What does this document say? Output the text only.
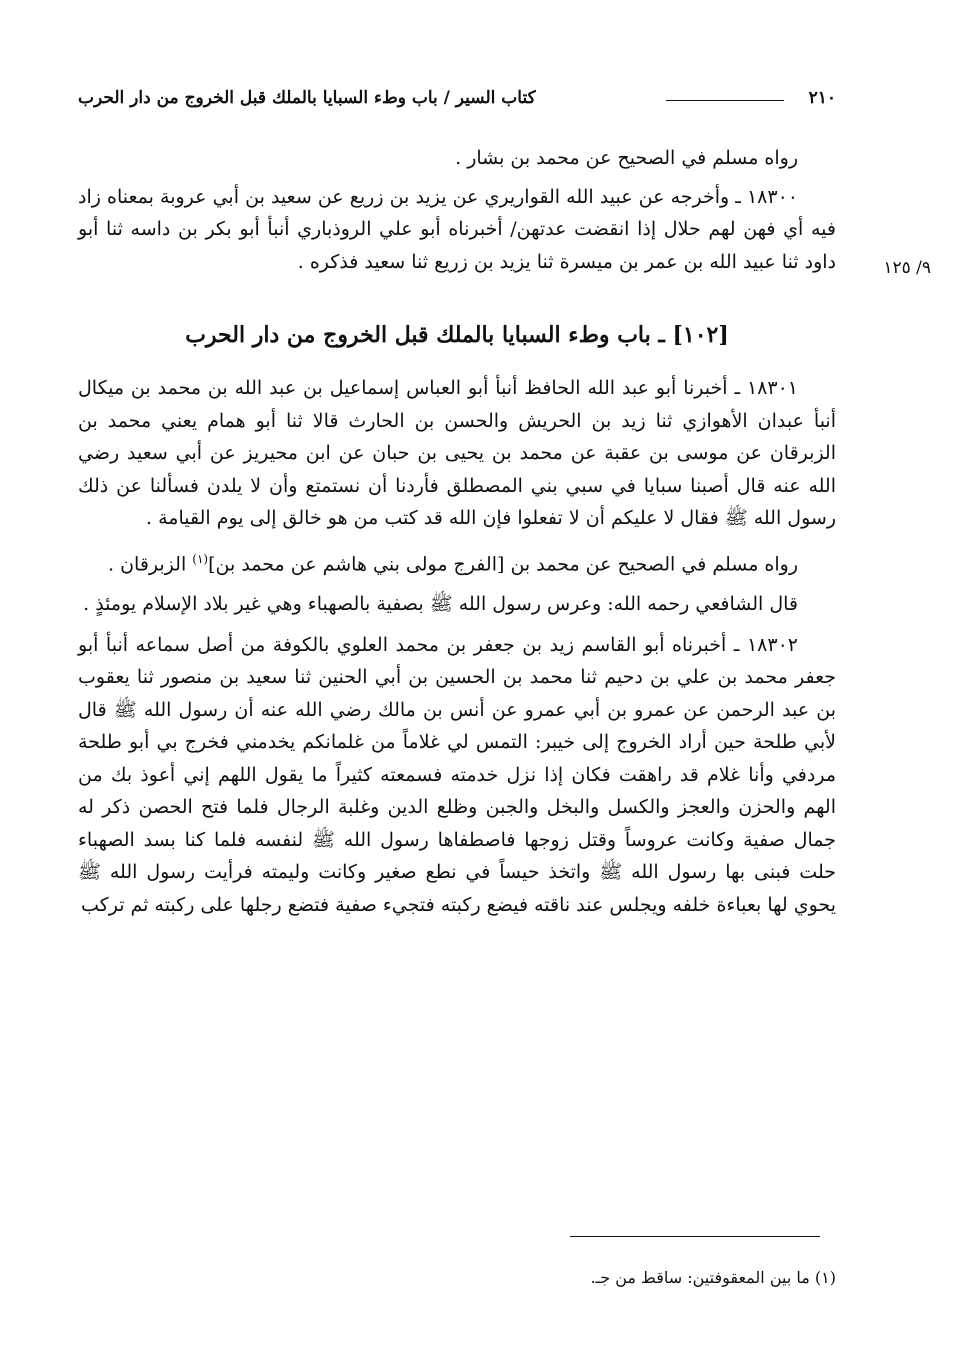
٢١٠
كتاب السير / باب وطء السبايا بالملك قبل الخروج من دار الحرب
٩/ ١٢٥

رواه مسلم في الصحيح عن محمد بن بشار .

١٨٣٠٠ ـ وأخرجه عن عبيد الله القواريري عن يزيد بن زريع عن سعيد بن أبي عروبة بمعناه زاد فيه أي فهن لهم حلال إذا انقضت عدتهن/ أخبرناه أبو علي الروذباري أنبأ أبو بكر بن داسه ثنا أبو داود ثنا عبيد الله بن عمر بن ميسرة ثنا يزيد بن زريع ثنا سعيد فذكره .

[١٠٢] ـ باب وطء السبايا بالملك قبل الخروج من دار الحرب

١٨٣٠١ ـ أخبرنا أبو عبد الله الحافظ أنبأ أبو العباس إسماعيل بن عبد الله بن محمد بن ميكال أنبأ عبدان الأهوازي ثنا زيد بن الحريش والحسن بن الحارث قالا ثنا أبو همام يعني محمد بن الزبرقان عن موسى بن عقبة عن محمد بن يحيى بن حبان عن ابن محيريز عن أبي سعيد رضي الله عنه قال أصبنا سبايا في سبي بني المصطلق فأردنا أن نستمتع وأن لا يلدن فسألنا عن ذلك رسول الله ﷺ فقال لا عليكم أن لا تفعلوا فإن الله قد كتب من هو خالق إلى يوم القيامة .

رواه مسلم في الصحيح عن محمد بن [الفرج مولى بني هاشم عن محمد بن]$^{(١)}$ الزبرقان .

قال الشافعي رحمه الله: وعرس رسول الله ﷺ بصفية بالصهباء وهي غير بلاد الإسلام يومئذٍ .

١٨٣٠٢ ـ أخبرناه أبو القاسم زيد بن جعفر بن محمد العلوي بالكوفة من أصل سماعه أنبأ أبو جعفر محمد بن علي بن دحيم ثنا محمد بن الحسين بن أبي الحنين ثنا سعيد بن منصور ثنا يعقوب بن عبد الرحمن عن عمرو بن أبي عمرو عن أنس بن مالك رضي الله عنه أن رسول الله ﷺ قال لأبي طلحة حين أراد الخروج إلى خيبر: التمس لي غلاماً من غلمانكم يخدمني فخرج بي أبو طلحة مردفي وأنا غلام قد راهقت فكان إذا نزل خدمته فسمعته كثيراً ما يقول اللهم إني أعوذ بك من الهم والحزن والعجز والكسل والبخل والجبن وظلع الدين وغلبة الرجال فلما فتح الحصن ذكر له جمال صفية وكانت عروساً وقتل زوجها فاصطفاها رسول الله ﷺ لنفسه فلما كنا بسد الصهباء حلت فبنى بها رسول الله ﷺ واتخذ حيساً في نطع صغير وكانت وليمته فرأيت رسول الله ﷺ يحوي لها بعباءة خلفه ويجلس عند ناقته فيضع ركبته فتجيء صفية فتضع رجلها على ركبته ثم تركب

(١) ما بين المعقوفتين: ساقط من جـ.
